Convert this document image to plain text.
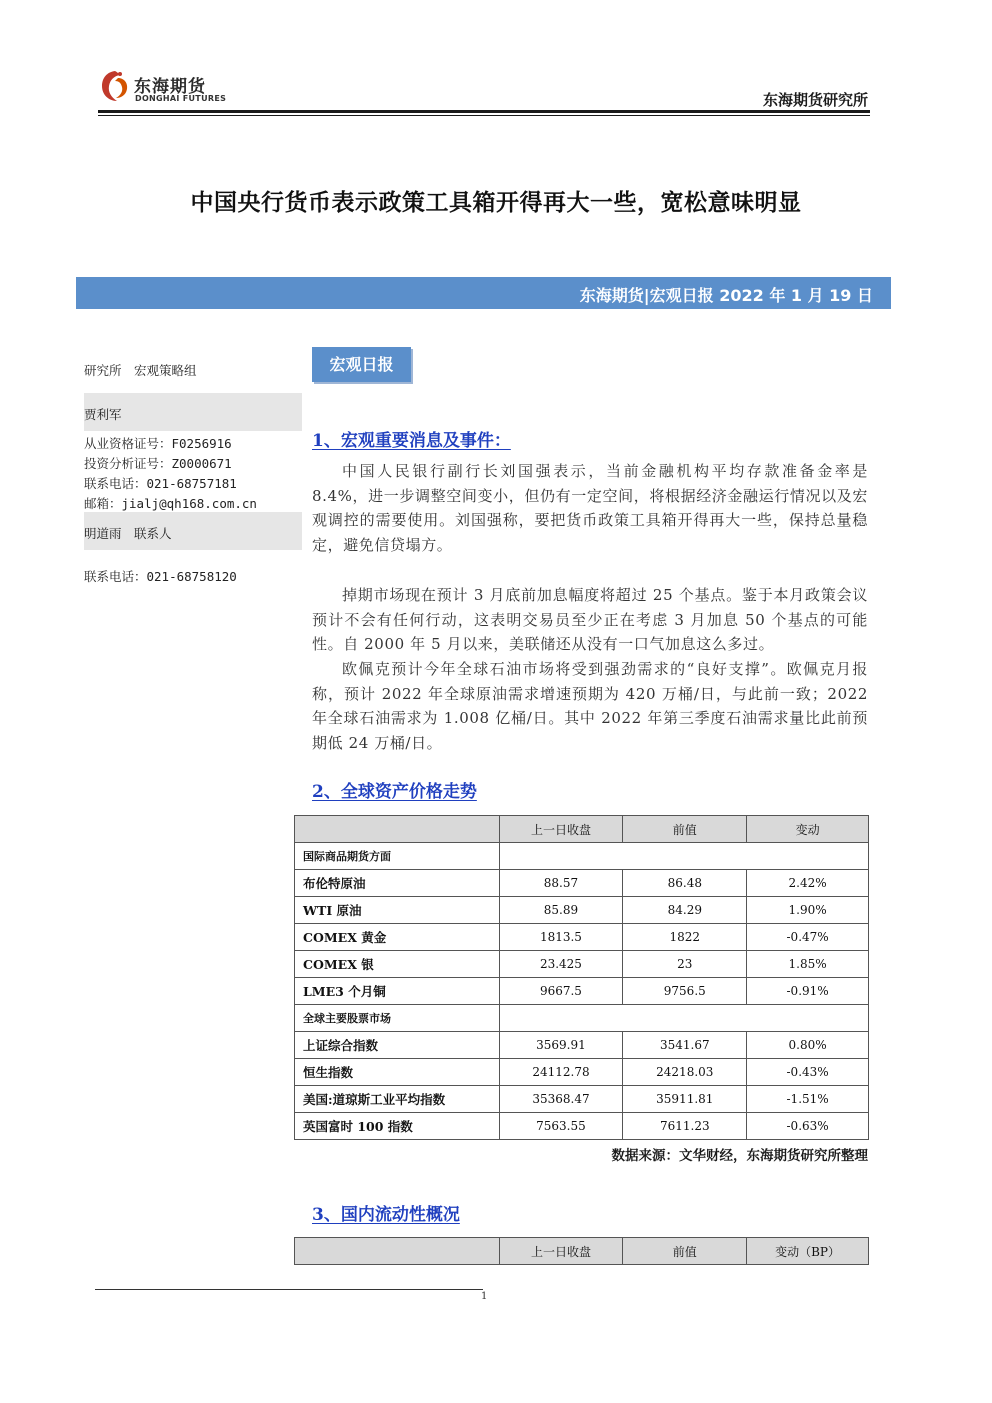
东海期货
DONGHAI FUTURES	东海期货研究所
中国央行货币表示政策工具箱开得再大一些，宽松意味明显
东海期货|宏观日报 2022 年 1 月 19 日
研究所　宏观策略组
贾利军
从业资格证号：F0256916
投资分析证号：Z0000671
联系电话：021-68757181
邮箱：jialj@qh168.com.cn
明道雨　联系人
联系电话：021-68758120
宏观日报
1、宏观重要消息及事件：
中国人民银行副行长刘国强表示，当前金融机构平均存款准备金率是 8.4%，进一步调整空间变小，但仍有一定空间，将根据经济金融运行情况以及宏观调控的需要使用。刘国强称，要把货币政策工具箱开得再大一些，保持总量稳定，避免信贷塌方。
掉期市场现在预计 3 月底前加息幅度将超过 25 个基点。鉴于本月政策会议预计不会有任何行动，这表明交易员至少正在考虑 3 月加息 50 个基点的可能性。自 2000 年 5 月以来，美联储还从没有一口气加息这么多过。
欧佩克预计今年全球石油市场将受到强劲需求的“良好支撑”。欧佩克月报称，预计 2022 年全球原油需求增速预期为 420 万桶/日，与此前一致；2022 年全球石油需求为 1.008 亿桶/日。其中 2022 年第三季度石油需求量比此前预期低 24 万桶/日。
2、全球资产价格走势
	上一日收盘	前值	变动
国际商品期货方面			
布伦特原油	88.57	86.48	2.42%
WTI 原油	85.89	84.29	1.90%
COMEX 黄金	1813.5	1822	-0.47%
COMEX 银	23.425	23	1.85%
LME3 个月铜	9667.5	9756.5	-0.91%
全球主要股票市场			
上证综合指数	3569.91	3541.67	0.80%
恒生指数	24112.78	24218.03	-0.43%
美国:道琼斯工业平均指数	35368.47	35911.81	-1.51%
英国富时 100 指数	7563.55	7611.23	-0.63%
数据来源：文华财经，东海期货研究所整理
3、国内流动性概况
	上一日收盘	前值	变动（BP）
1
